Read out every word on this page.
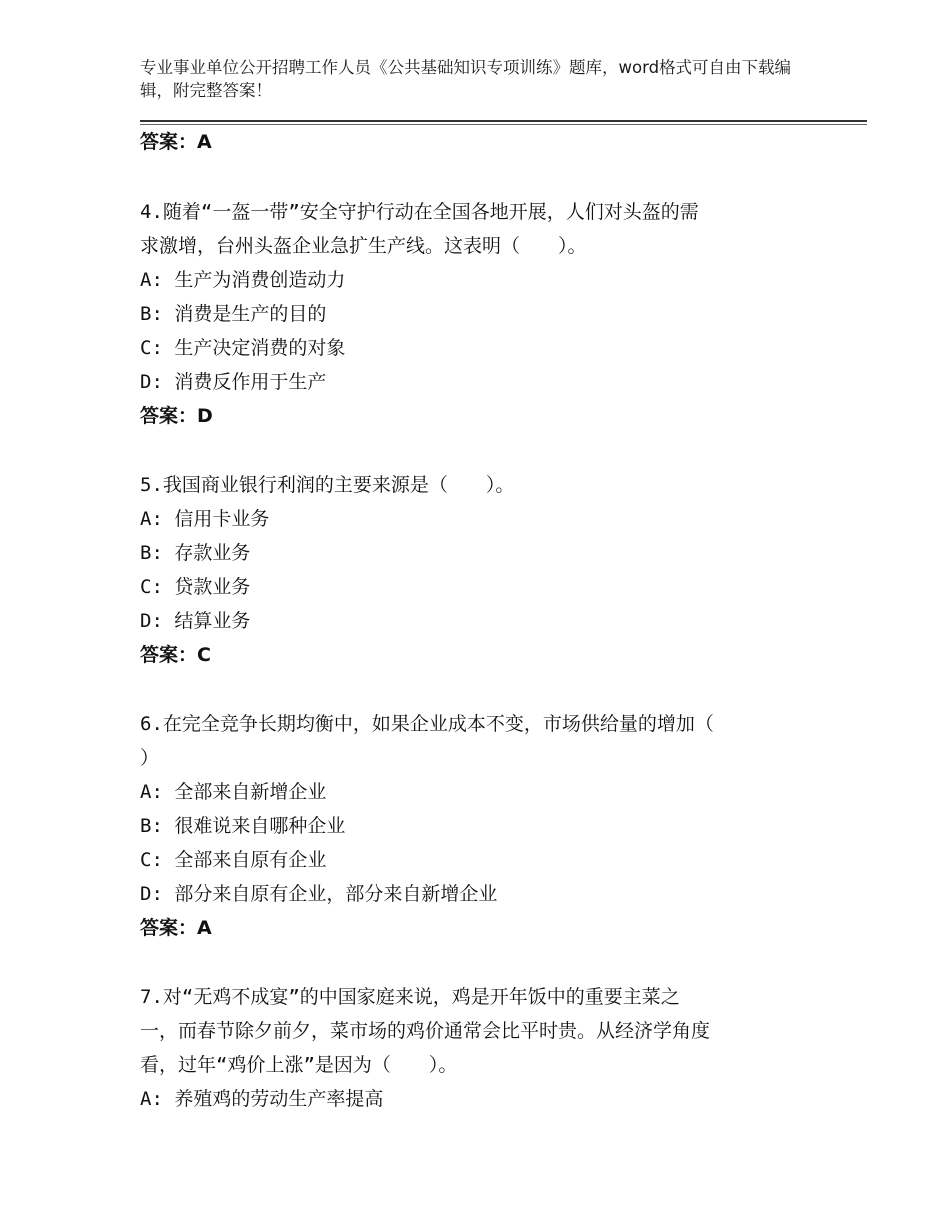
专业事业单位公开招聘工作人员《公共基础知识专项训练》题库，word格式可自由下载编辑，附完整答案！
答案：A
4.随着“一盔一带”安全守护行动在全国各地开展，人们对头盔的需
求激增，台州头盔企业急扩生产线。这表明（　　）。
A: 生产为消费创造动力
B: 消费是生产的目的
C: 生产决定消费的对象
D: 消费反作用于生产
答案：D
5.我国商业银行利润的主要来源是（　　）。
A: 信用卡业务
B: 存款业务
C: 贷款业务
D: 结算业务
答案：C
6.在完全竞争长期均衡中，如果企业成本不变，市场供给量的增加（
）
A: 全部来自新增企业
B: 很难说来自哪种企业
C: 全部来自原有企业
D: 部分来自原有企业，部分来自新增企业
答案：A
7.对“无鸡不成宴”的中国家庭来说，鸡是开年饭中的重要主菜之
一，而春节除夕前夕，菜市场的鸡价通常会比平时贵。从经济学角度
看，过年“鸡价上涨”是因为（　　）。
A: 养殖鸡的劳动生产率提高
